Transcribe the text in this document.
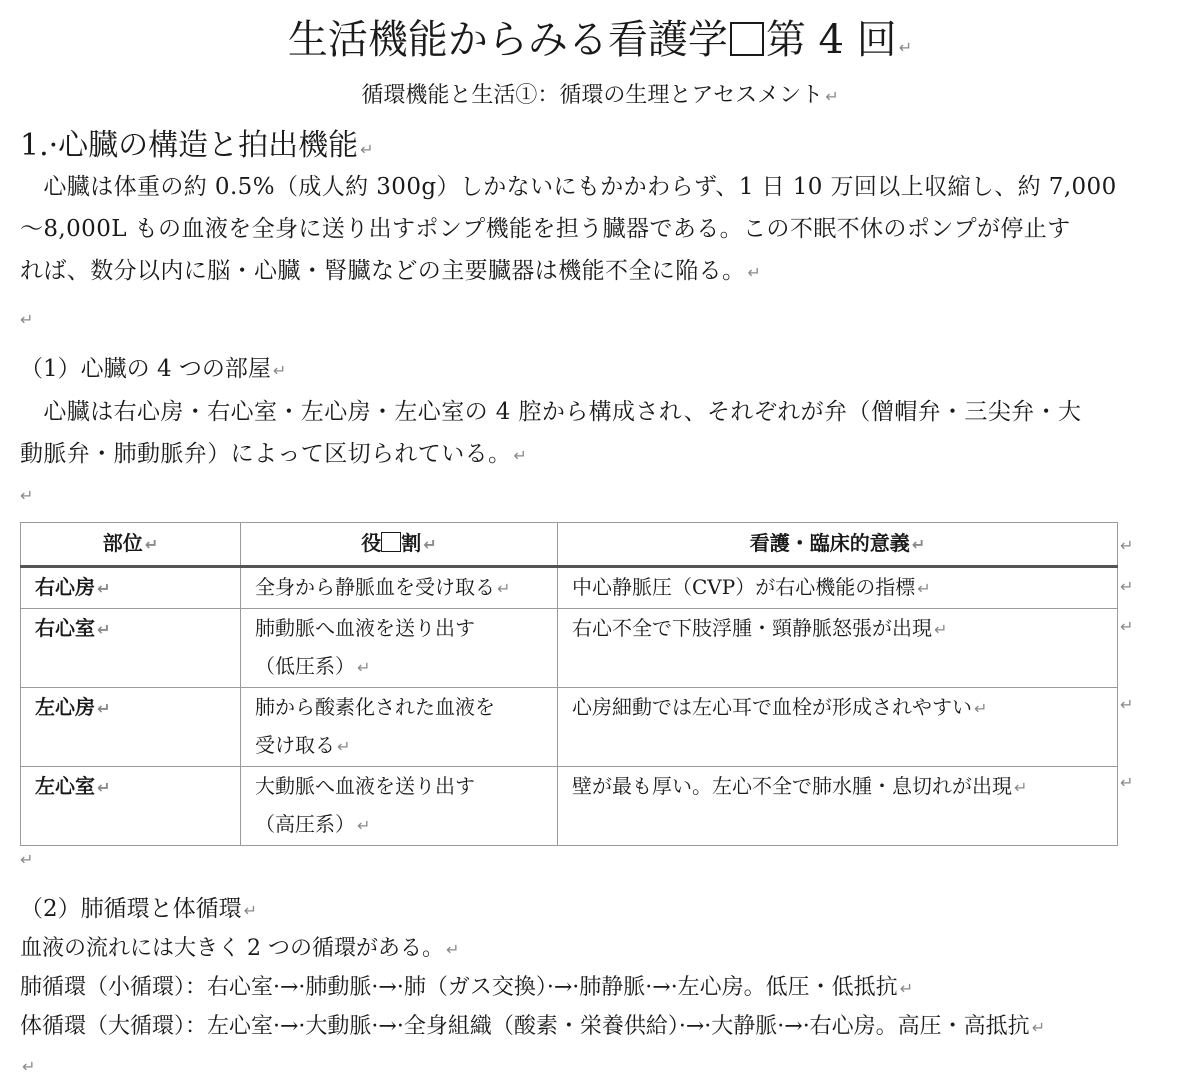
生活機能からみる看護学 第 4 回 ↵
循環機能と生活①：循環の生理とアセスメント ↵
1.·心臓の構造と拍出機能 ↵
　心臓は体重の約 0.5%（成人約 300g）しかないにもかかわらず、1 日 10 万回以上収縮し、約 7,000
～8,000L もの血液を全身に送り出すポンプ機能を担う臓器である。この不眠不休のポンプが停止す
れば、数分以内に脳・心臓・腎臓などの主要臓器は機能不全に陥る。 ↵
↵
（1）心臓の 4 つの部屋 ↵
　心臓は右心房・右心室・左心房・左心室の 4 腔から構成され、それぞれが弁（僧帽弁・三尖弁・大
動脈弁・肺動脈弁）によって区切られている。 ↵
↵
部位 ↵	役 割 ↵	看護・臨床的意義 ↵
右心房 ↵	全身から静脈血を受け取る ↵	中心静脈圧（CVP）が右心機能の指標 ↵
右心室 ↵	肺動脈へ血液を送り出す
（低圧系） ↵	右心不全で下肢浮腫・頸静脈怒張が出現 ↵
左心房 ↵	肺から酸素化された血液を
受け取る ↵	心房細動では左心耳で血栓が形成されやすい ↵
左心室 ↵	大動脈へ血液を送り出す
（高圧系） ↵	壁が最も厚い。左心不全で肺水腫・息切れが出現 ↵
↵
↵
↵
↵
↵
↵
（2）肺循環と体循環 ↵
血液の流れには大きく 2 つの循環がある。 ↵
肺循環（小循環）：右心室·→·肺動脈·→·肺（ガス交換）·→·肺静脈·→·左心房。低圧・低抵抗 ↵
体循環（大循環）：左心室·→·大動脈·→·全身組織（酸素・栄養供給）·→·大静脈·→·右心房。高圧・高抵抗 ↵
↵
